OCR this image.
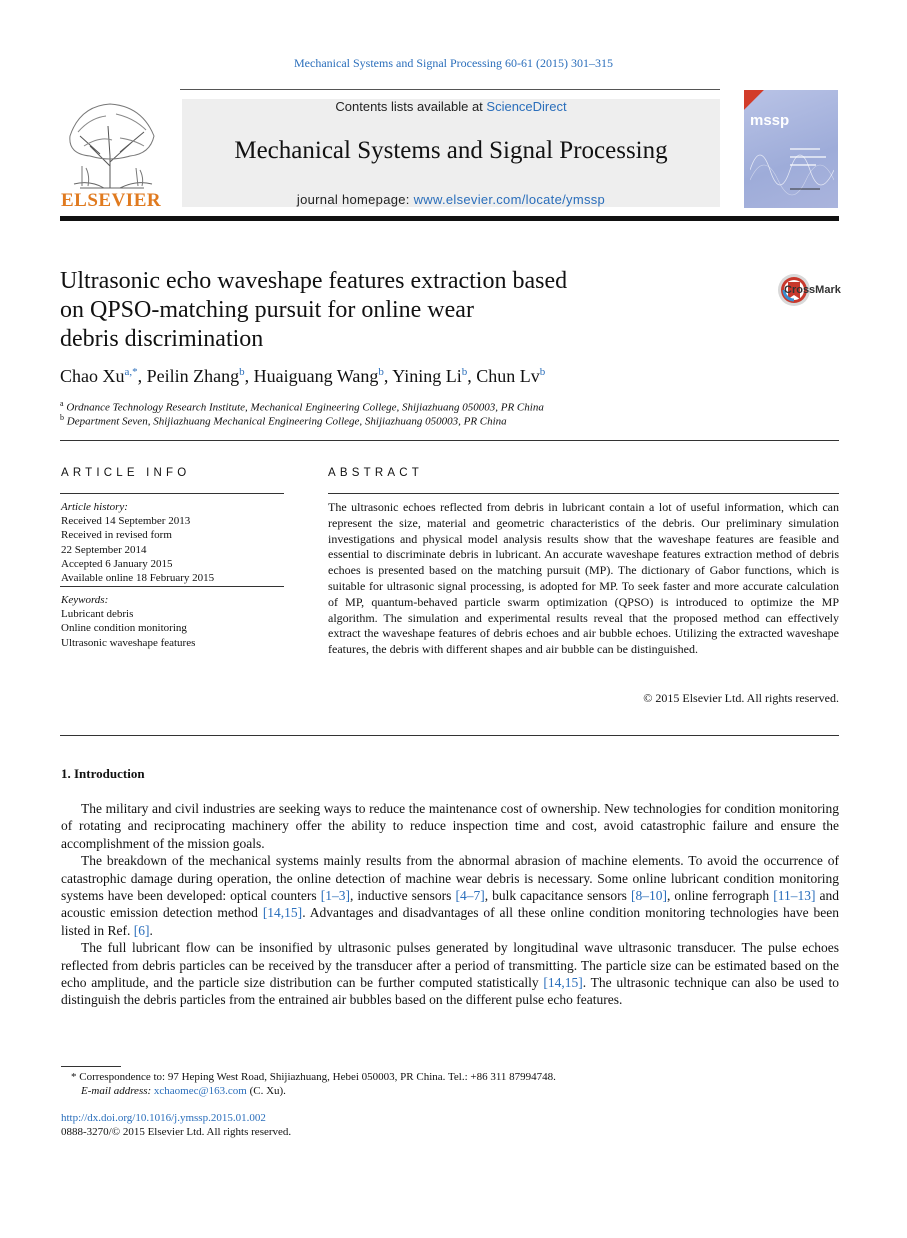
Mechanical Systems and Signal Processing 60-61 (2015) 301–315
ELSEVIER
Contents lists available at ScienceDirect
Mechanical Systems and Signal Processing
journal homepage: www.elsevier.com/locate/ymssp
mssp
Ultrasonic echo waveshape features extraction based
on QPSO-matching pursuit for online wear
debris discrimination
CrossMark
Chao $Xu^{a,*}$, Peilin Zhang$^b$, Huaiguang Wang$^b$, Yining Li$^b$, Chun Lv$^b$
$^a$ Ordnance Technology Research Institute, Mechanical Engineering College, Shijiazhuang 050003, PR China
$^b$ Department Seven, Shijiazhuang Mechanical Engineering College, Shijiazhuang 050003, PR China
ARTICLE INFO	ABSTRACT
Article history:
Received 14 September 2013
Received in revised form
22 September 2014
Accepted 6 January 2015
Available online 18 February 2015
Keywords:
Lubricant debris
Online condition monitoring
Ultrasonic waveshape features
The ultrasonic echoes reflected from debris in lubricant contain a lot of useful information, which can represent the size, material and geometric characteristics of the debris. Our preliminary simulation investigations and physical model analysis results show that the waveshape features are feasible and essential to discriminate debris in lubricant. An accurate waveshape features extraction method of debris echoes is presented based on the matching pursuit (MP). The dictionary of Gabor functions, which is suitable for ultrasonic signal processing, is adopted for MP. To seek faster and more accurate calculation of MP, quantum-behaved particle swarm optimization (QPSO) is introduced to optimize the MP algorithm. The simulation and experimental results reveal that the proposed method can effectively extract the waveshape features of debris echoes and air bubble echoes. Utilizing the extracted waveshape features, the debris with different shapes and air bubble can be distinguished.
© 2015 Elsevier Ltd. All rights reserved.
1. Introduction

The military and civil industries are seeking ways to reduce the maintenance cost of ownership. New technologies for condition monitoring of rotating and reciprocating machinery offer the ability to reduce inspection time and cost, avoid catastrophic failure and ensure the accomplishment of the mission goals.

The breakdown of the mechanical systems mainly results from the abnormal abrasion of machine elements. To avoid the occurrence of catastrophic damage during operation, the online detection of machine wear debris is necessary. Some online lubricant condition monitoring systems have been developed: optical counters [1–3], inductive sensors [4–7], bulk capacitance sensors [8–10], online ferrograph [11–13] and acoustic emission detection method [14,15]. Advantages and disadvantages of all these online condition monitoring technologies have been listed in Ref. [6].

The full lubricant flow can be insonified by ultrasonic pulses generated by longitudinal wave ultrasonic transducer. The pulse echoes reflected from debris particles can be received by the transducer after a period of transmitting. The particle size can be estimated based on the echo amplitude, and the particle size distribution can be further computed statistically [14,15]. The ultrasonic technique can also be used to distinguish the debris particles from the entrained air bubbles based on the different pulse echo features.

* Correspondence to: 97 Heping West Road, Shijiazhuang, Hebei 050003, PR China. Tel.: +86 311 87994748.
E-mail address: xchaomec@163.com (C. Xu).
http://dx.doi.org/10.1016/j.ymssp.2015.01.002
0888-3270/© 2015 Elsevier Ltd. All rights reserved.
